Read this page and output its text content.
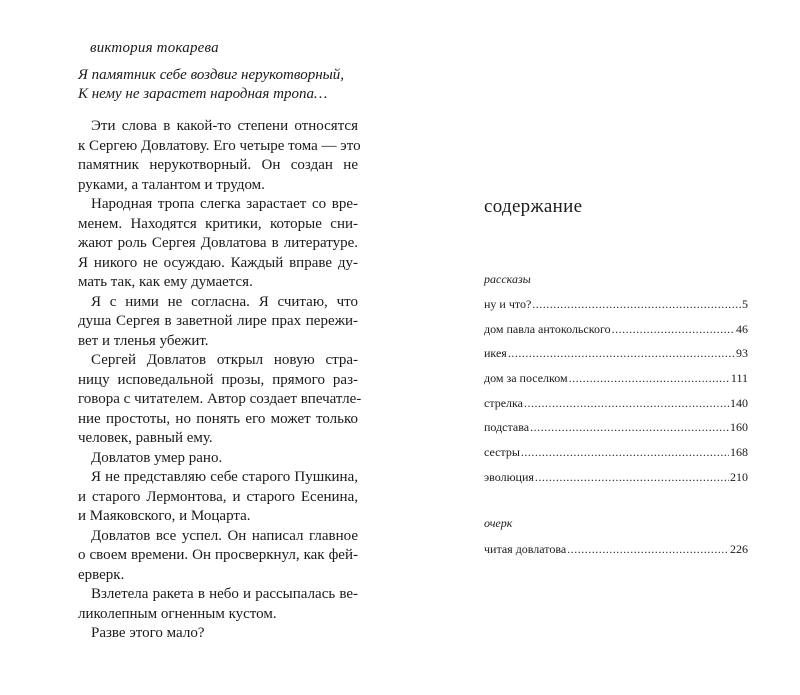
виктория токарева
Я памятник себе воздвиг нерукотворный,
К нему не зарастет народная тропа…
Эти слова в какой-то степени относятся
к Сергею Довлатову. Его четыре тома — это
памятник нерукотворный. Он создан не
руками, а талантом и трудом.
Народная тропа слегка зарастает со вре-
менем. Находятся критики, которые сни-
жают роль Сергея Довлатова в литературе.
Я никого не осуждаю. Каждый вправе ду-
мать так, как ему думается.
Я с ними не согласна. Я считаю, что
душа Сергея в заветной лире прах пережи-
вет и тленья убежит.
Сергей Довлатов открыл новую стра-
ницу исповедальной прозы, прямого раз-
говора с читателем. Автор создает впечатле-
ние простоты, но понять его может только
человек, равный ему.
Довлатов умер рано.
Я не представляю себе старого Пушкина,
и старого Лермонтова, и старого Есенина,
и Маяковского, и Моцарта.
Довлатов все успел. Он написал главное
о своем времени. Он просверкнул, как фей-
ерверк.
Взлетела ракета в небо и рассыпалась ве-
ликолепным огненным кустом.
Разве этого мало?
содержание
рассказы
ну и что? .....	5
дом павла антокольского .....	46
икея .....	93
дом за поселком .....	111
стрелка .....	140
подстава .....	160
сестры .....	168
эволюция .....	210
очерк
читая довлатова .....	226
